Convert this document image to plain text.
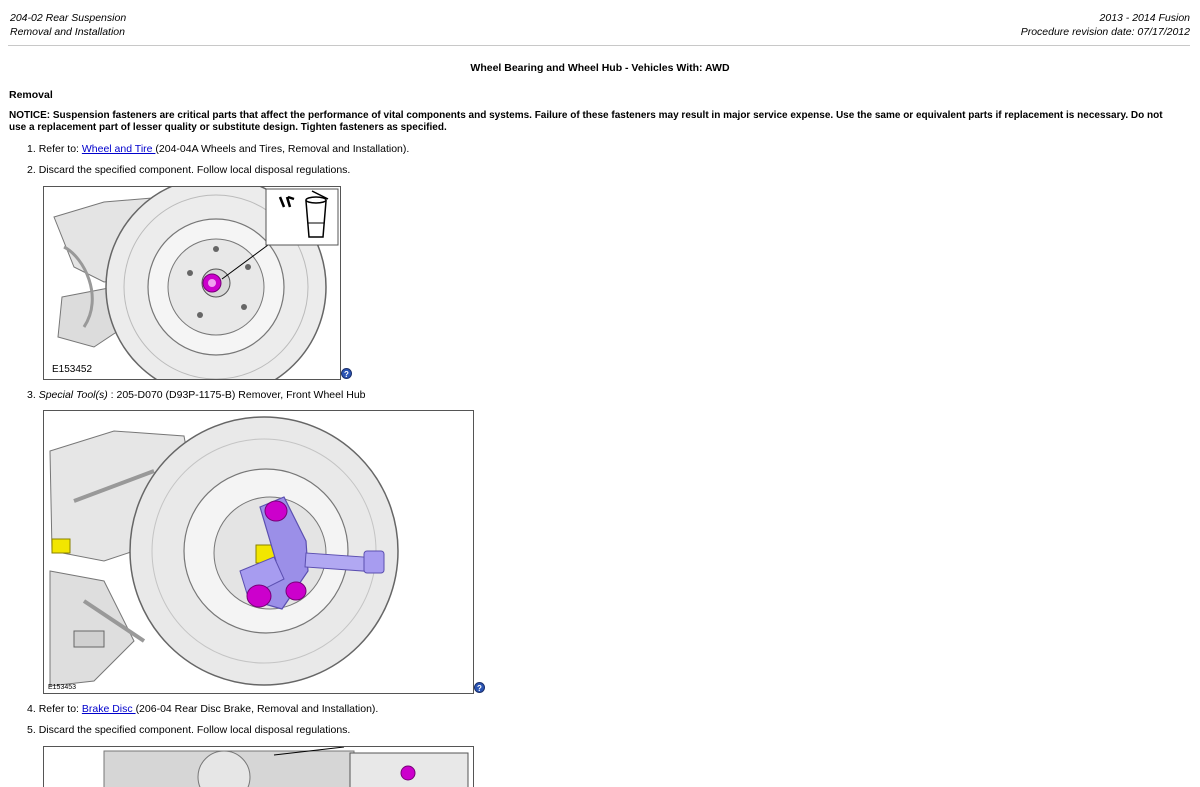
204-02 Rear Suspension
Removal and Installation
2013 - 2014 Fusion
Procedure revision date: 07/17/2012
Wheel Bearing and Wheel Hub - Vehicles With: AWD
Removal
NOTICE: Suspension fasteners are critical parts that affect the performance of vital components and systems. Failure of these fasteners may result in major service expense. Use the same or equivalent parts if replacement is necessary. Do not use a replacement part of lesser quality or substitute design. Tighten fasteners as specified.
1. Refer to: Wheel and Tire (204-04A Wheels and Tires, Removal and Installation).
2. Discard the specified component. Follow local disposal regulations.
E153452	?
3. Special Tool(s) : 205-D070 (D93P-1175-B) Remover, Front Wheel Hub
E153453	?
4. Refer to: Brake Disc (206-04 Rear Disc Brake, Removal and Installation).
5. Discard the specified component. Follow local disposal regulations.
